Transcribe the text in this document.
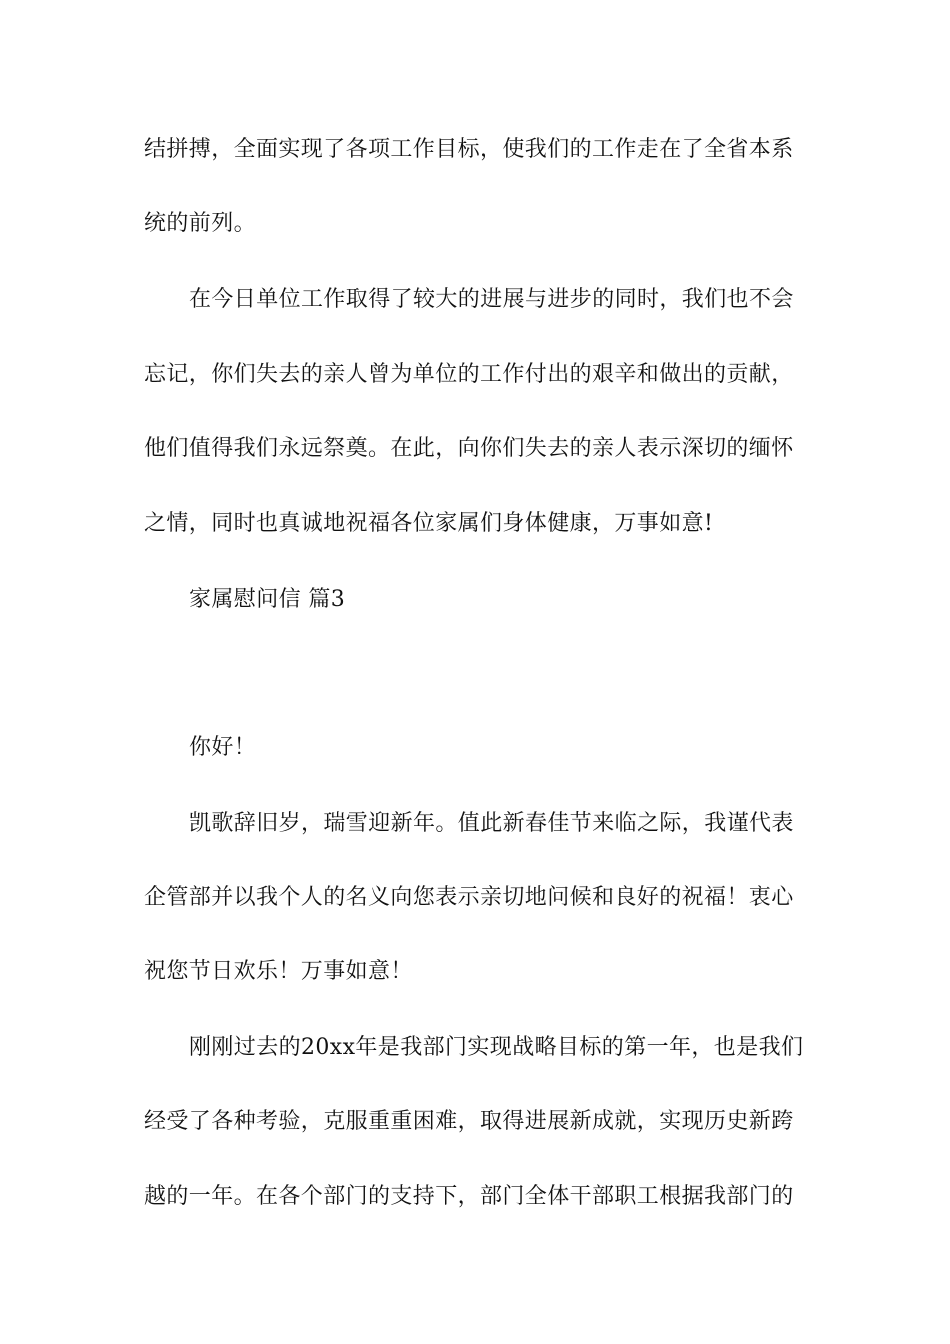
结拼搏，全面实现了各项工作目标，使我们的工作走在了全省本系
统的前列。
在今日单位工作取得了较大的进展与进步的同时，我们也不会
忘记，你们失去的亲人曾为单位的工作付出的艰辛和做出的贡献，
他们值得我们永远祭奠。在此，向你们失去的亲人表示深切的缅怀
之情，同时也真诚地祝福各位家属们身体健康，万事如意!
家属慰问信 篇3
你好！
凯歌辞旧岁，瑞雪迎新年。值此新春佳节来临之际，我谨代表
企管部并以我个人的名义向您表示亲切地问候和良好的祝福！衷心
祝您节日欢乐！万事如意！
刚刚过去的20xx年是我部门实现战略目标的第一年，也是我们
经受了各种考验，克服重重困难，取得进展新成就，实现历史新跨
越的一年。在各个部门的支持下，部门全体干部职工根据我部门的
